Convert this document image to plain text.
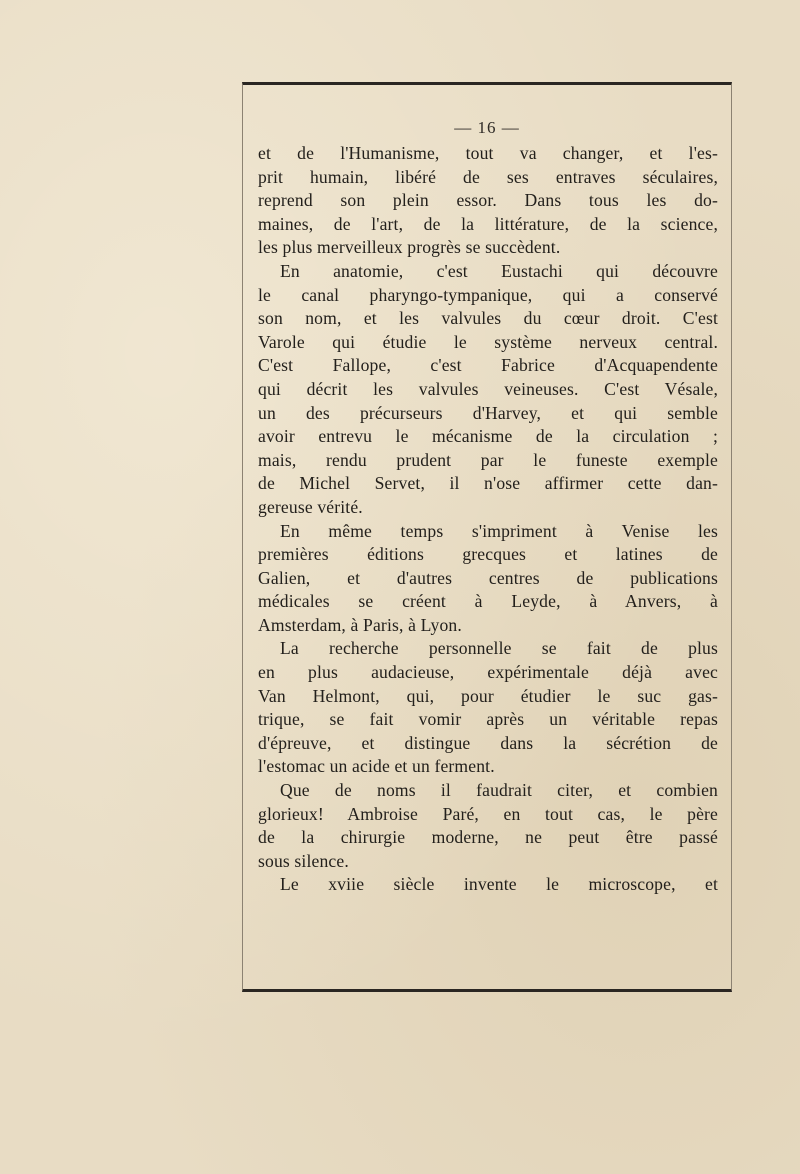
— 16 —
et de l'Humanisme, tout va changer, et l'es-
prit humain, libéré de ses entraves séculaires,
reprend son plein essor. Dans tous les do-
maines, de l'art, de la littérature, de la science,
les plus merveilleux progrès se succèdent.
En anatomie, c'est Eustachi qui découvre
le canal pharyngo-tympanique, qui a conservé
son nom, et les valvules du cœur droit. C'est
Varole qui étudie le système nerveux central.
C'est Fallope, c'est Fabrice d'Acquapendente
qui décrit les valvules veineuses. C'est Vésale,
un des précurseurs d'Harvey, et qui semble
avoir entrevu le mécanisme de la circulation ;
mais, rendu prudent par le funeste exemple
de Michel Servet, il n'ose affirmer cette dan-
gereuse vérité.
En même temps s'impriment à Venise les
premières éditions grecques et latines de
Galien, et d'autres centres de publications
médicales se créent à Leyde, à Anvers, à
Amsterdam, à Paris, à Lyon.
La recherche personnelle se fait de plus
en plus audacieuse, expérimentale déjà avec
Van Helmont, qui, pour étudier le suc gas-
trique, se fait vomir après un véritable repas
d'épreuve, et distingue dans la sécrétion de
l'estomac un acide et un ferment.
Que de noms il faudrait citer, et combien
glorieux! Ambroise Paré, en tout cas, le père
de la chirurgie moderne, ne peut être passé
sous silence.
Le xviie siècle invente le microscope, et
